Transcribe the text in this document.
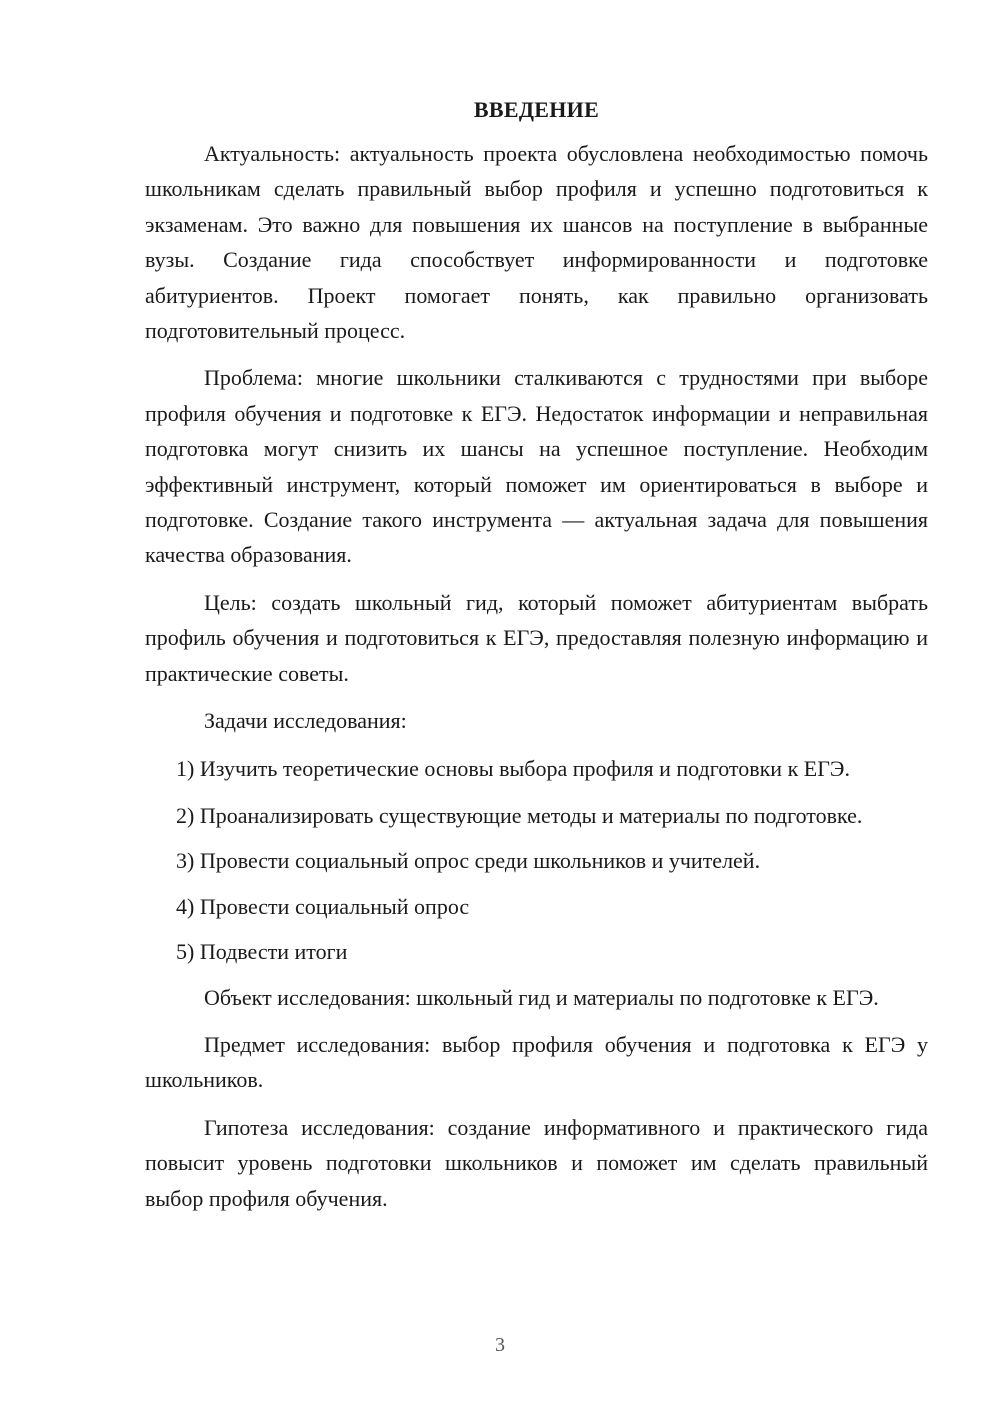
ВВЕДЕНИЕ

Актуальность: актуальность проекта обусловлена необходимостью помочь школьникам сделать правильный выбор профиля и успешно подготовиться к экзаменам. Это важно для повышения их шансов на поступление в выбранные вузы. Создание гида способствует информированности и подготовке абитуриентов. Проект помогает понять, как правильно организовать подготовительный процесс.

Проблема: многие школьники сталкиваются с трудностями при выборе профиля обучения и подготовке к ЕГЭ. Недостаток информации и неправильная подготовка могут снизить их шансы на успешное поступление. Необходим эффективный инструмент, который поможет им ориентироваться в выборе и подготовке. Создание такого инструмента — актуальная задача для повышения качества образования.

Цель: создать школьный гид, который поможет абитуриентам выбрать профиль обучения и подготовиться к ЕГЭ, предоставляя полезную информацию и практические советы.

Задачи исследования:

1) Изучить теоретические основы выбора профиля и подготовки к ЕГЭ.

2) Проанализировать существующие методы и материалы по подготовке.

3) Провести социальный опрос среди школьников и учителей.

4) Провести социальный опрос

5) Подвести итоги

Объект исследования: школьный гид и материалы по подготовке к ЕГЭ.

Предмет исследования: выбор профиля обучения и подготовка к ЕГЭ у школьников.

Гипотеза исследования: создание информативного и практического гида повысит уровень подготовки школьников и поможет им сделать правильный выбор профиля обучения.

3
